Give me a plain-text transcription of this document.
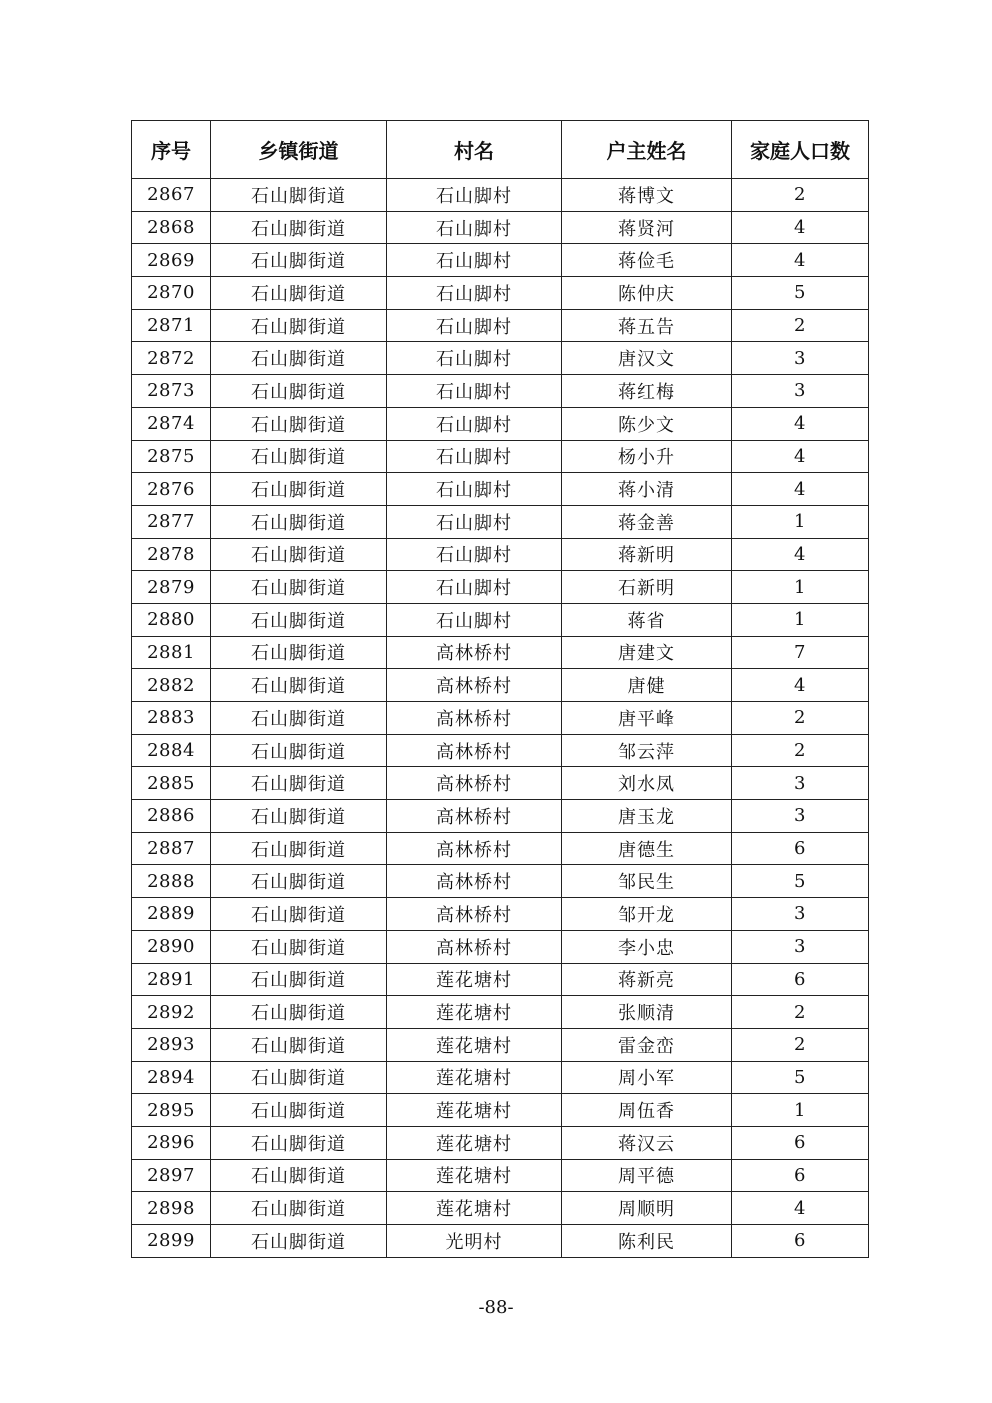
序号	乡镇街道	村名	户主姓名	家庭人口数
2867	石山脚街道	石山脚村	蒋博文	2
2868	石山脚街道	石山脚村	蒋贤河	4
2869	石山脚街道	石山脚村	蒋俭毛	4
2870	石山脚街道	石山脚村	陈仲庆	5
2871	石山脚街道	石山脚村	蒋五告	2
2872	石山脚街道	石山脚村	唐汉文	3
2873	石山脚街道	石山脚村	蒋红梅	3
2874	石山脚街道	石山脚村	陈少文	4
2875	石山脚街道	石山脚村	杨小升	4
2876	石山脚街道	石山脚村	蒋小清	4
2877	石山脚街道	石山脚村	蒋金善	1
2878	石山脚街道	石山脚村	蒋新明	4
2879	石山脚街道	石山脚村	石新明	1
2880	石山脚街道	石山脚村	蒋省	1
2881	石山脚街道	高林桥村	唐建文	7
2882	石山脚街道	高林桥村	唐健	4
2883	石山脚街道	高林桥村	唐平峰	2
2884	石山脚街道	高林桥村	邹云萍	2
2885	石山脚街道	高林桥村	刘水凤	3
2886	石山脚街道	高林桥村	唐玉龙	3
2887	石山脚街道	高林桥村	唐德生	6
2888	石山脚街道	高林桥村	邹民生	5
2889	石山脚街道	高林桥村	邹开龙	3
2890	石山脚街道	高林桥村	李小忠	3
2891	石山脚街道	莲花塘村	蒋新亮	6
2892	石山脚街道	莲花塘村	张顺清	2
2893	石山脚街道	莲花塘村	雷金峦	2
2894	石山脚街道	莲花塘村	周小军	5
2895	石山脚街道	莲花塘村	周伍香	1
2896	石山脚街道	莲花塘村	蒋汉云	6
2897	石山脚街道	莲花塘村	周平德	6
2898	石山脚街道	莲花塘村	周顺明	4
2899	石山脚街道	光明村	陈利民	6
-88-
